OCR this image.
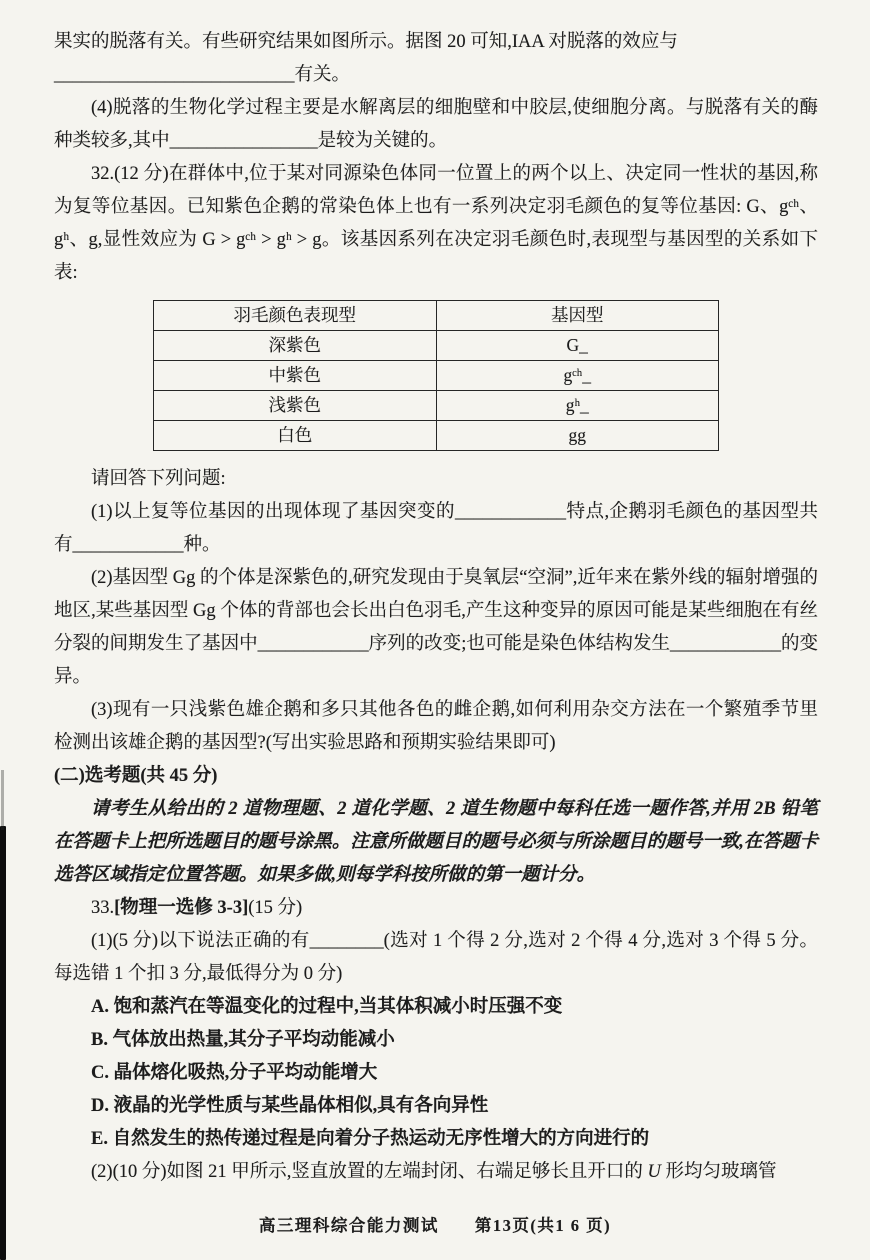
果实的脱落有关。有些研究结果如图所示。据图 20 可知,IAA 对脱落的效应与

__________________________有关。

(4)脱落的生物化学过程主要是水解离层的细胞壁和中胶层,使细胞分离。与脱落有关的酶种类较多,其中________________是较为关键的。

32.(12 分)在群体中,位于某对同源染色体同一位置上的两个以上、决定同一性状的基因,称为复等位基因。已知紫色企鹅的常染色体上也有一系列决定羽毛颜色的复等位基因: G、gᶜʰ、gʰ、g,显性效应为 G > gᶜʰ > gʰ > g。该基因系列在决定羽毛颜色时,表现型与基因型的关系如下表:

羽毛颜色表现型	基因型
深紫色	G_
中紫色	gᶜʰ_
浅紫色	gʰ_
白色	gg

请回答下列问题:

(1)以上复等位基因的出现体现了基因突变的____________特点,企鹅羽毛颜色的基因型共有____________种。

(2)基因型 Gg 的个体是深紫色的,研究发现由于臭氧层“空洞”,近年来在紫外线的辐射增强的地区,某些基因型 Gg 个体的背部也会长出白色羽毛,产生这种变异的原因可能是某些细胞在有丝分裂的间期发生了基因中____________序列的改变;也可能是染色体结构发生____________的变异。

(3)现有一只浅紫色雄企鹅和多只其他各色的雌企鹅,如何利用杂交方法在一个繁殖季节里检测出该雄企鹅的基因型?(写出实验思路和预期实验结果即可)

(二)选考题(共 45 分)

请考生从给出的 2 道物理题、2 道化学题、2 道生物题中每科任选一题作答,并用 2B 铅笔在答题卡上把所选题目的题号涂黑。注意所做题目的题号必须与所涂题目的题号一致,在答题卡选答区域指定位置答题。如果多做,则每学科按所做的第一题计分。

33.[物理一选修 3-3](15 分)

(1)(5 分)以下说法正确的有________(选对 1 个得 2 分,选对 2 个得 4 分,选对 3 个得 5 分。每选错 1 个扣 3 分,最低得分为 0 分)

A. 饱和蒸汽在等温变化的过程中,当其体积减小时压强不变

B. 气体放出热量,其分子平均动能减小

C. 晶体熔化吸热,分子平均动能增大

D. 液晶的光学性质与某些晶体相似,具有各向异性

E. 自然发生的热传递过程是向着分子热运动无序性增大的方向进行的

(2)(10 分)如图 21 甲所示,竖直放置的左端封闭、右端足够长且开口的 U 形均匀玻璃管

高三理科综合能力测试　　第13页(共1 6 页)
